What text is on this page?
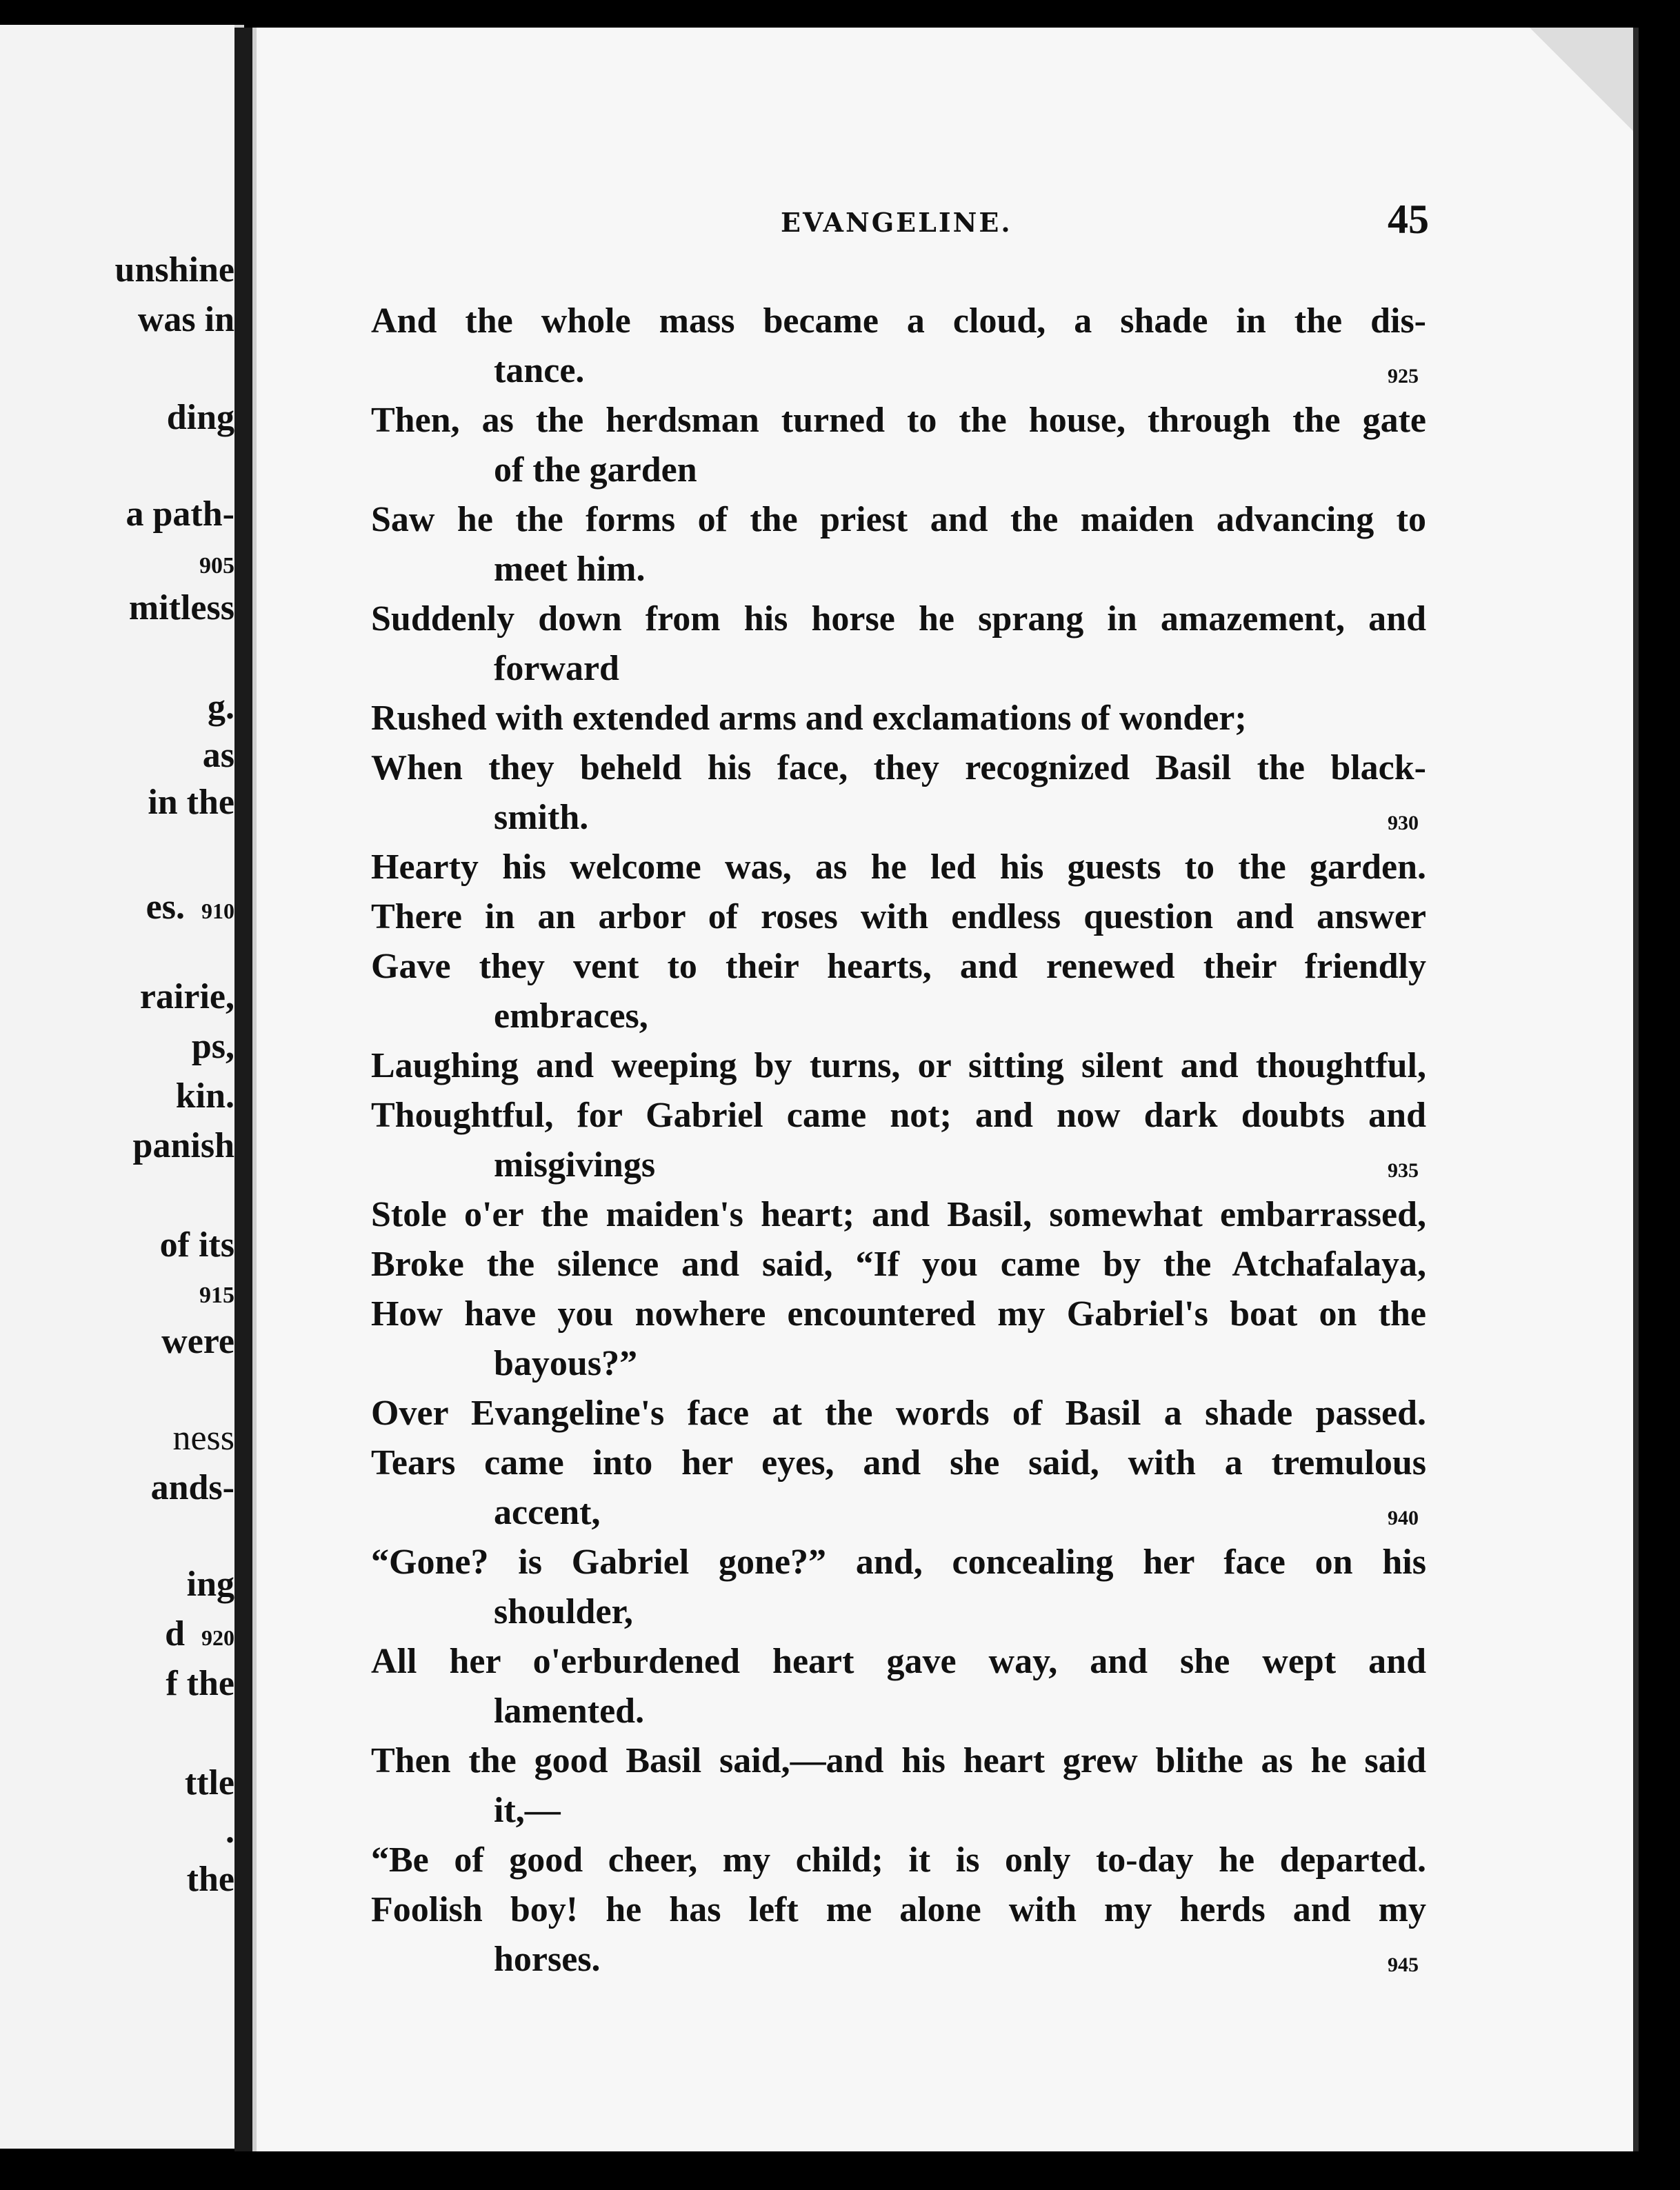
unshine
was in
ding
a path-
905
mitless
g.
as
in the
es. 910
rairie,
ps,
kin.
panish
of its
915
were
ness
ands-
ing
d 920
f the
ttle
.
the
EVANGELINE.	45
And the whole mass became a cloud, a shade in the dis-
tance.	925
Then, as the herdsman turned to the house, through the gate
of the garden
Saw he the forms of the priest and the maiden advancing to
meet him.
Suddenly down from his horse he sprang in amazement, and
forward
Rushed with extended arms and exclamations of wonder;
When they beheld his face, they recognized Basil the black-
smith.	930
Hearty his welcome was, as he led his guests to the garden.
There in an arbor of roses with endless question and answer
Gave they vent to their hearts, and renewed their friendly
embraces,
Laughing and weeping by turns, or sitting silent and thoughtful,
Thoughtful, for Gabriel came not; and now dark doubts and
misgivings	935
Stole o'er the maiden's heart; and Basil, somewhat embarrassed,
Broke the silence and said, “If you came by the Atchafalaya,
How have you nowhere encountered my Gabriel's boat on the
bayous?”
Over Evangeline's face at the words of Basil a shade passed.
Tears came into her eyes, and she said, with a tremulous
accent,	940
“Gone? is Gabriel gone?” and, concealing her face on his
shoulder,
All her o'erburdened heart gave way, and she wept and
lamented.
Then the good Basil said,—and his heart grew blithe as he said
it,—
“Be of good cheer, my child; it is only to-day he departed.
Foolish boy! he has left me alone with my herds and my
horses.	945
